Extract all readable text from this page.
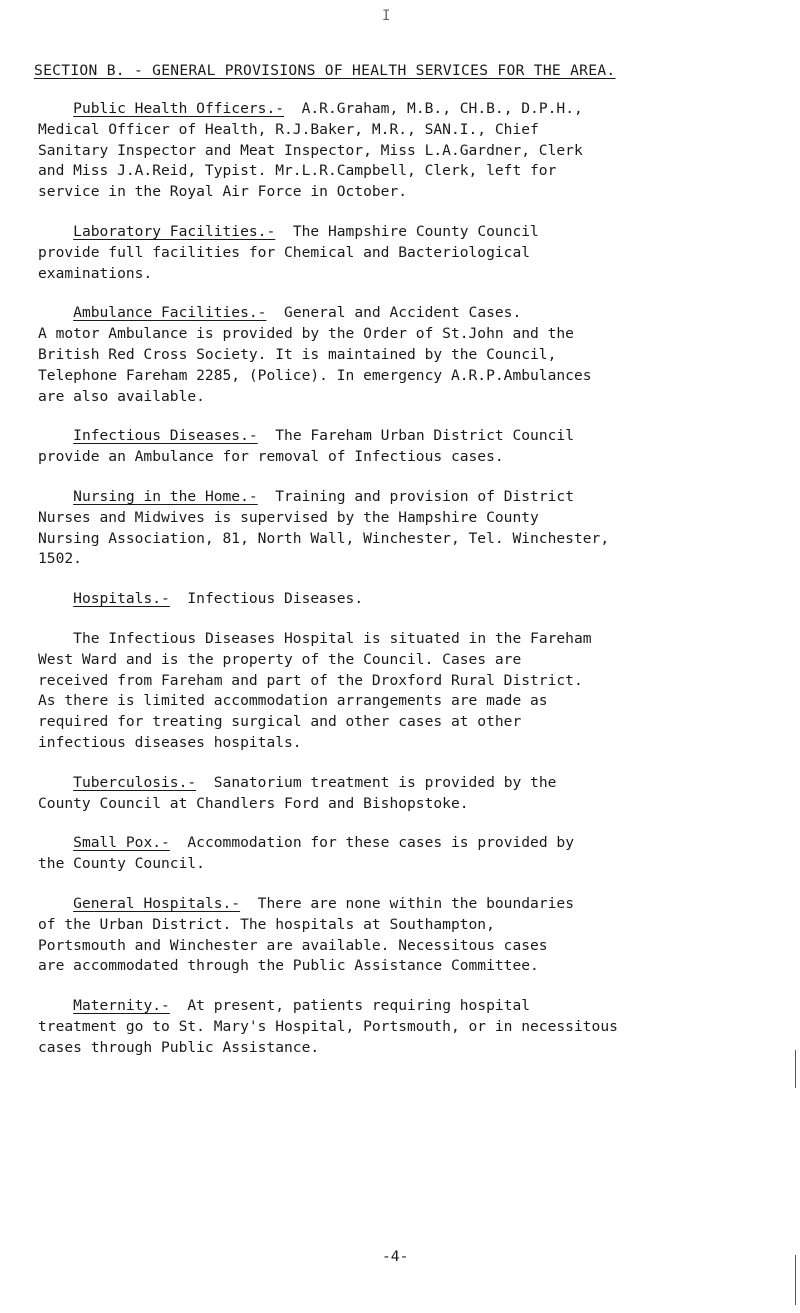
I
SECTION B. - GENERAL PROVISIONS OF HEALTH SERVICES FOR THE AREA.
Public Health Officers.- A.R.Graham, M.B., CH.B., D.P.H.,
Medical Officer of Health, R.J.Baker, M.R., SAN.I., Chief
Sanitary Inspector and Meat Inspector, Miss L.A.Gardner, Clerk
and Miss J.A.Reid, Typist. Mr.L.R.Campbell, Clerk, left for
service in the Royal Air Force in October.
Laboratory Facilities.- The Hampshire County Council
provide full facilities for Chemical and Bacteriological
examinations.
Ambulance Facilities.- General and Accident Cases.
A motor Ambulance is provided by the Order of St.John and the
British Red Cross Society. It is maintained by the Council,
Telephone Fareham 2285, (Police). In emergency A.R.P.Ambulances
are also available.
Infectious Diseases.- The Fareham Urban District Council
provide an Ambulance for removal of Infectious cases.
Nursing in the Home.- Training and provision of District
Nurses and Midwives is supervised by the Hampshire County
Nursing Association, 81, North Wall, Winchester, Tel. Winchester,
1502.
Hospitals.- Infectious Diseases.
The Infectious Diseases Hospital is situated in the Fareham
West Ward and is the property of the Council. Cases are
received from Fareham and part of the Droxford Rural District.
As there is limited accommodation arrangements are made as
required for treating surgical and other cases at other
infectious diseases hospitals.
Tuberculosis.- Sanatorium treatment is provided by the
County Council at Chandlers Ford and Bishopstoke.
Small Pox.- Accommodation for these cases is provided by
the County Council.
General Hospitals.- There are none within the boundaries
of the Urban District. The hospitals at Southampton,
Portsmouth and Winchester are available. Necessitous cases
are accommodated through the Public Assistance Committee.
Maternity.- At present, patients requiring hospital
treatment go to St. Mary's Hospital, Portsmouth, or in necessitous
cases through Public Assistance.
-4-
